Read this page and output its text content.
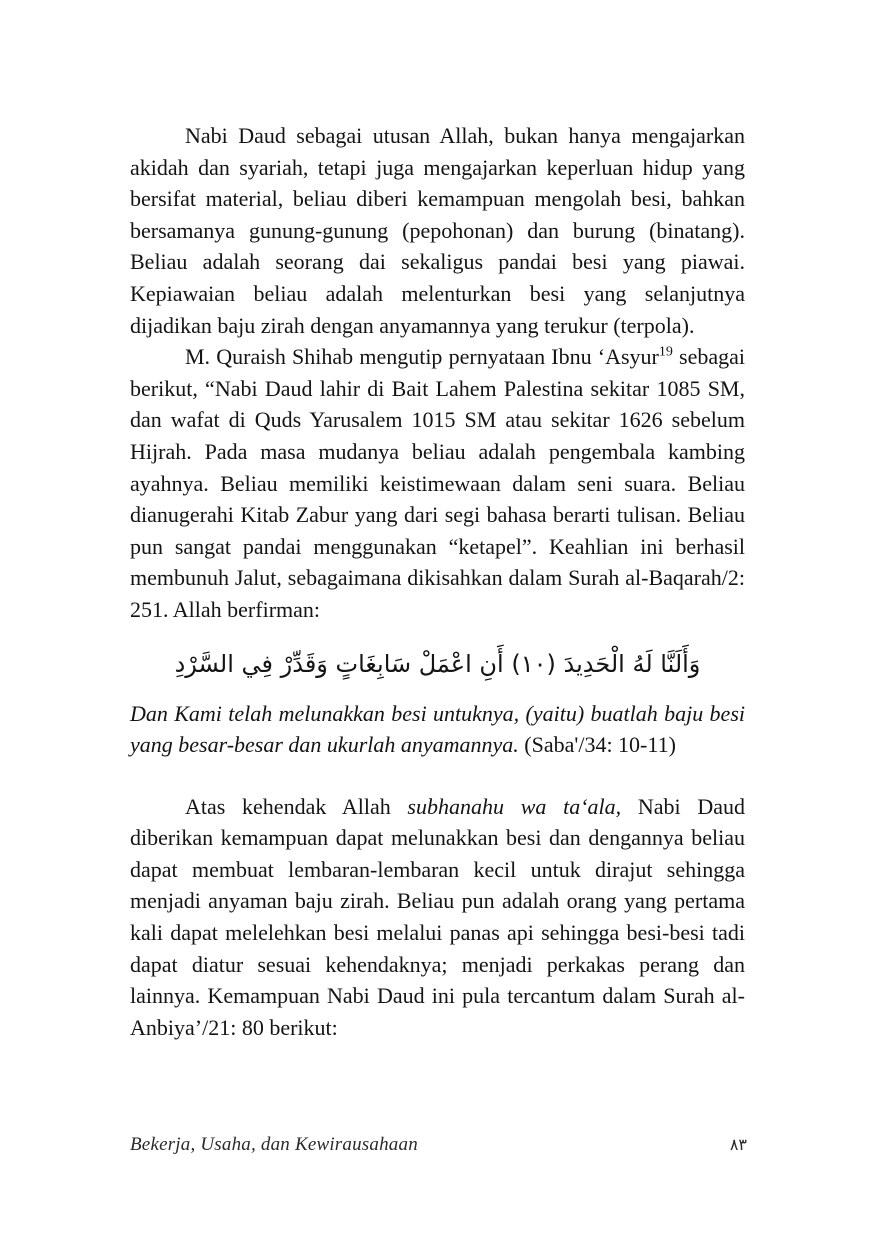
Nabi Daud sebagai utusan Allah, bukan hanya mengajarkan akidah dan syariah, tetapi juga mengajarkan keperluan hidup yang bersifat material, beliau diberi kemampuan mengolah besi, bahkan bersamanya gunung-gunung (pepohonan) dan burung (binatang). Beliau adalah seorang dai sekaligus pandai besi yang piawai. Kepiawaian beliau adalah melenturkan besi yang selanjutnya dijadikan baju zirah dengan anyamannya yang terukur (terpola).

M. Quraish Shihab mengutip pernyataan Ibnu ‘Asyur$^{19}$ sebagai berikut, “Nabi Daud lahir di Bait Lahem Palestina sekitar 1085 SM, dan wafat di Quds Yarusalem 1015 SM atau sekitar 1626 sebelum Hijrah. Pada masa mudanya beliau adalah pengembala kambing ayahnya. Beliau memiliki keistimewaan dalam seni suara. Beliau dianugerahi Kitab Zabur yang dari segi bahasa berarti tulisan. Beliau pun sangat pandai menggunakan “ketapel”. Keahlian ini berhasil membunuh Jalut, sebagaimana dikisahkan dalam Surah al-Baqarah/2: 251. Allah berfirman:

وَأَلَنَّا لَهُ الْحَدِيدَ (١٠) أَنِ اعْمَلْ سَابِغَاتٍ وَقَدِّرْ فِي السَّرْدِ

Dan Kami telah melunakkan besi untuknya, (yaitu) buatlah baju besi yang besar-besar dan ukurlah anyamannya. (Saba'/34: 10-11)

Atas kehendak Allah subhanahu wa ta‘ala, Nabi Daud diberikan kemampuan dapat melunakkan besi dan dengannya beliau dapat membuat lembaran-lembaran kecil untuk dirajut sehingga menjadi anyaman baju zirah. Beliau pun adalah orang yang pertama kali dapat melelehkan besi melalui panas api sehingga besi-besi tadi dapat diatur sesuai kehendaknya; menjadi perkakas perang dan lainnya. Kemampuan Nabi Daud ini pula tercantum dalam Surah al-Anbiya’/21: 80 berikut:

Bekerja, Usaha, dan Kewirausahaan	٨٣
